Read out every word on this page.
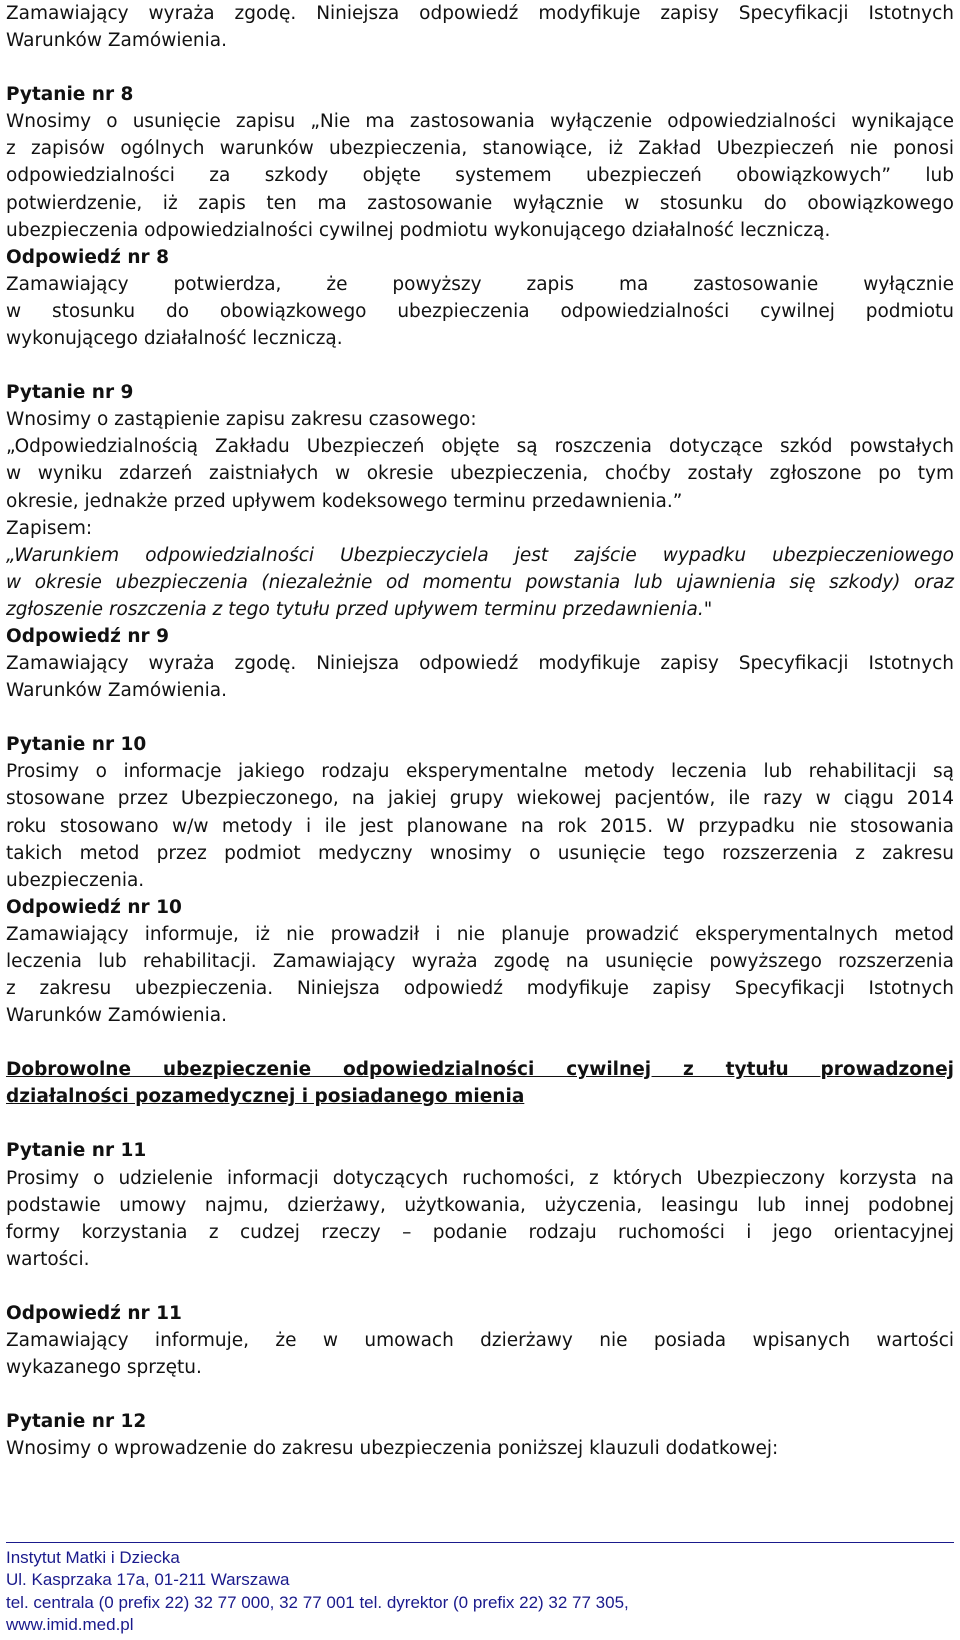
Zamawiający wyraża zgodę. Niniejsza odpowiedź modyfikuje zapisy Specyfikacji Istotnych
Warunków Zamówienia.
Pytanie nr 8
Wnosimy o usunięcie zapisu „Nie ma zastosowania wyłączenie odpowiedzialności wynikające
z zapisów ogólnych warunków ubezpieczenia, stanowiące, iż Zakład Ubezpieczeń nie ponosi
odpowiedzialności za szkody objęte systemem ubezpieczeń obowiązkowych” lub
potwierdzenie, iż zapis ten ma zastosowanie wyłącznie w stosunku do obowiązkowego
ubezpieczenia odpowiedzialności cywilnej podmiotu wykonującego działalność leczniczą.
Odpowiedź nr 8
Zamawiający potwierdza, że powyższy zapis ma zastosowanie wyłącznie
w stosunku do obowiązkowego ubezpieczenia odpowiedzialności cywilnej podmiotu
wykonującego działalność leczniczą.
Pytanie nr 9
Wnosimy o zastąpienie zapisu zakresu czasowego:
„Odpowiedzialnością Zakładu Ubezpieczeń objęte są roszczenia dotyczące szkód powstałych
w wyniku zdarzeń zaistniałych w okresie ubezpieczenia, choćby zostały zgłoszone po tym
okresie, jednakże przed upływem kodeksowego terminu przedawnienia.”
Zapisem:
„Warunkiem odpowiedzialności Ubezpieczyciela jest zajście wypadku ubezpieczeniowego
w okresie ubezpieczenia (niezależnie od momentu powstania lub ujawnienia się szkody) oraz
zgłoszenie roszczenia z tego tytułu przed upływem terminu przedawnienia."
Odpowiedź nr 9
Zamawiający wyraża zgodę. Niniejsza odpowiedź modyfikuje zapisy Specyfikacji Istotnych
Warunków Zamówienia.
Pytanie nr 10
Prosimy o informacje jakiego rodzaju eksperymentalne metody leczenia lub rehabilitacji są
stosowane przez Ubezpieczonego, na jakiej grupy wiekowej pacjentów, ile razy w ciągu 2014
roku stosowano w/w metody i ile jest planowane na rok 2015. W przypadku nie stosowania
takich metod przez podmiot medyczny wnosimy o usunięcie tego rozszerzenia z zakresu
ubezpieczenia.
Odpowiedź nr 10
Zamawiający informuje, iż nie prowadził i nie planuje prowadzić eksperymentalnych metod
leczenia lub rehabilitacji. Zamawiający wyraża zgodę na usunięcie powyższego rozszerzenia
z zakresu ubezpieczenia. Niniejsza odpowiedź modyfikuje zapisy Specyfikacji Istotnych
Warunków Zamówienia.
Dobrowolne ubezpieczenie odpowiedzialności cywilnej z tytułu prowadzonej
działalności pozamedycznej i posiadanego mienia
Pytanie nr 11
Prosimy o udzielenie informacji dotyczących ruchomości, z których Ubezpieczony korzysta na
podstawie umowy najmu, dzierżawy, użytkowania, użyczenia, leasingu lub innej podobnej
formy korzystania z cudzej rzeczy – podanie rodzaju ruchomości i jego orientacyjnej
wartości.
Odpowiedź nr 11
Zamawiający informuje, że w umowach dzierżawy nie posiada wpisanych wartości
wykazanego sprzętu.
Pytanie nr 12
Wnosimy o wprowadzenie do zakresu ubezpieczenia poniższej klauzuli dodatkowej:
Instytut Matki i Dziecka
Ul. Kasprzaka 17a, 01-211 Warszawa
tel. centrala (0 prefix 22) 32 77 000, 32 77 001 tel. dyrektor (0 prefix 22) 32 77 305,
www.imid.med.pl
